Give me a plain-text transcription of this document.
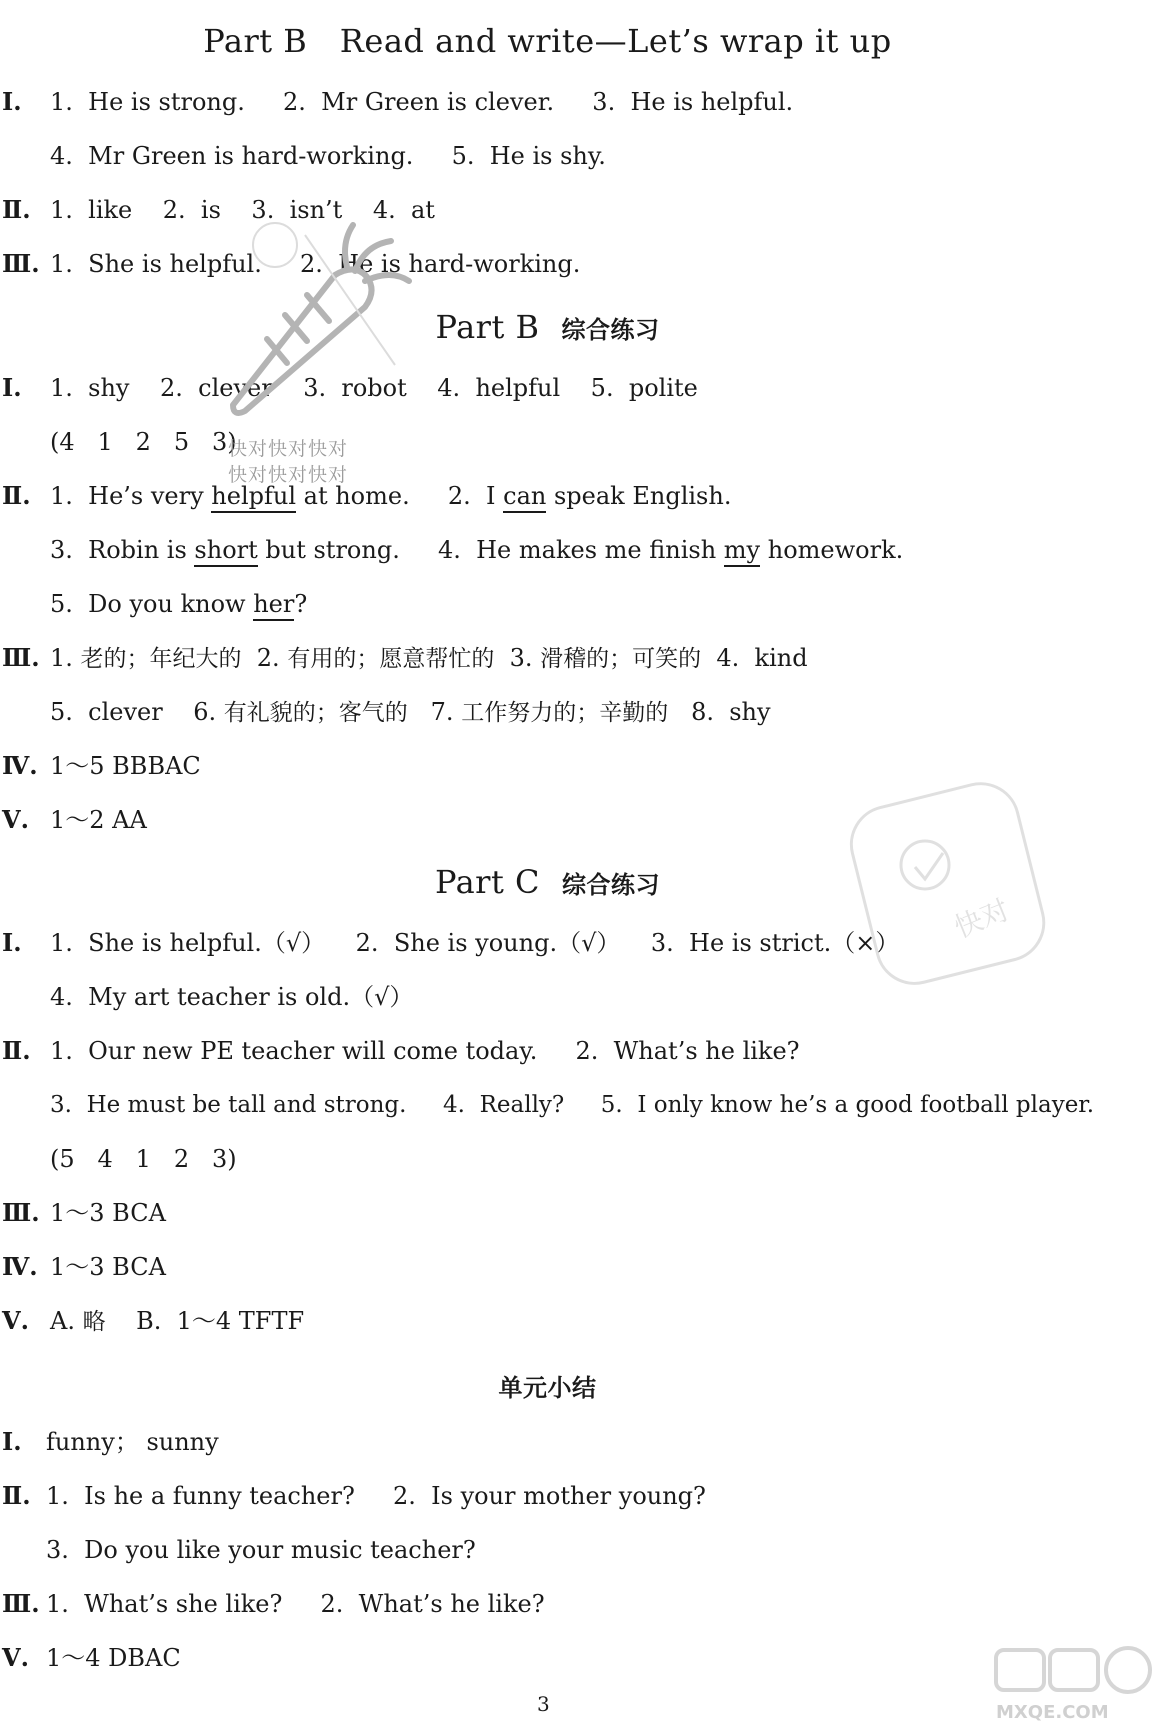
Part B Read and write—Let’s wrap it up
Ⅰ. 1.  He is strong.     2.  Mr Green is clever.     3.  He is helpful.
4.  Mr Green is hard-working.     5.  He is shy.
Ⅱ. 1.  like    2.  is    3.  isn’t    4.  at
Ⅲ. 1.  She is helpful.     2.  He is hard-working.
Part B 综合练习
Ⅰ. 1.  shy    2.  clever    3.  robot    4.  helpful    5.  polite
(4   1   2   5   3)
Ⅱ. 1.  He’s very helpful at home.     2.  I can speak English.
3.  Robin is short but strong.     4.  He makes me finish my homework.
5.  Do you know her?
Ⅲ. 1. 老的；年纪大的  2. 有用的；愿意帮忙的  3. 滑稽的；可笑的  4.  kind
5.  clever    6. 有礼貌的；客气的   7. 工作努力的；辛勤的   8.  shy
Ⅳ. 1～5 BBBAC
Ⅴ. 1～2 AA
Part C 综合练习
Ⅰ. 1.  She is helpful.（√）    2.  She is young.（√）    3.  He is strict.（×）
4.  My art teacher is old.（√）
Ⅱ. 1.  Our new PE teacher will come today.     2.  What’s he like?
3.  He must be tall and strong.     4.  Really?     5.  I only know he’s a good football player.
(5   4   1   2   3)
Ⅲ. 1～3 BCA
Ⅳ. 1～3 BCA
Ⅴ. A. 略    B.  1～4 TFTF
单元小结
Ⅰ. funny； sunny
Ⅱ. 1.  Is he a funny teacher?     2.  Is your mother young?
3.  Do you like your music teacher?
Ⅲ. 1.  What’s she like?     2.  What’s he like?
Ⅴ. 1～4 DBAC
3
快对快对快对
快对快对快对
快对
MXQE.COM
